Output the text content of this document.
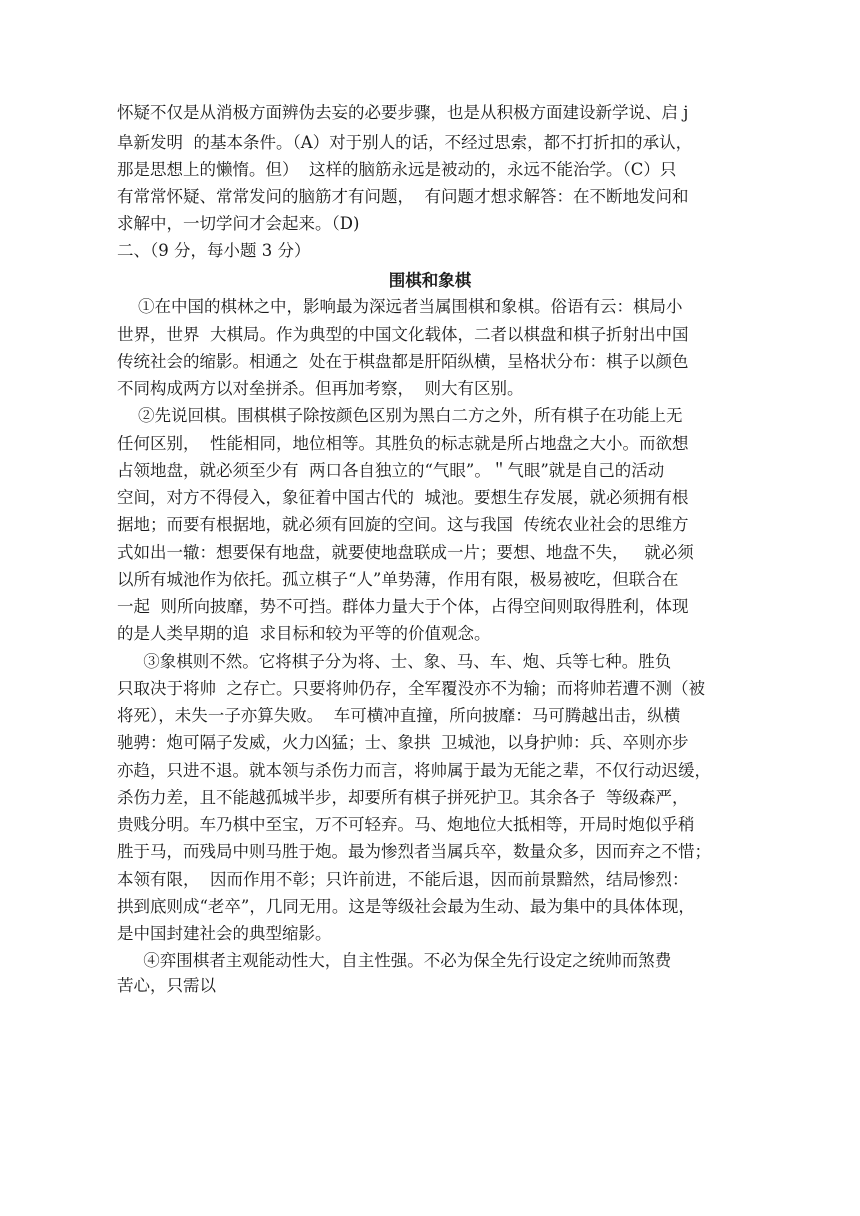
怀疑不仅是从消极方面辨伪去妄的必要步骤，也是从积极方面建设新学说、启 j
阜新发明  的基本条件。（A）对于别人的话，不经过思索，都不打折扣的承认，
那是思想上的懒惰。但）  这样的脑筋永远是被动的，永远不能治学。（C）只
有常常怀疑、常常发问的脑筋才有问题，  有问题才想求解答：在不断地发问和
求解中，一切学问才会起来。（D)
二、（9 分，每小题 3 分）
围棋和象棋
①在中国的棋林之中，影响最为深远者当属围棋和象棋。俗语有云：棋局小
世界，世界  大棋局。作为典型的中国文化载体，二者以棋盘和棋子折射出中国
传统社会的缩影。相通之  处在于棋盘都是肝陌纵横，呈格状分布：棋子以颜色
不同构成两方以对垒拼杀。但再加考察，  则大有区别。
➁先说回棋。围棋棋子除按颜色区别为黑白二方之外，所有棋子在功能上无
任何区别，  性能相同，地位相等。其胜负的标志就是所占地盘之大小。而欲想
占领地盘，就必须至少有  两口各自独立的“气眼”。＂气眼”就是自己的活动
空间，对方不得侵入，象征着中国古代的  城池。要想生存发展，就必须拥有根
据地；而要有根据地，就必须有回旋的空间。这与我国  传统农业社会的思维方
式如出一辙：想要保有地盘，就要使地盘联成一片；要想、地盘不失，   就必须
以所有城池作为依托。孤立棋子“人”单势薄，作用有限，极易被吃，但联合在
一起  则所向披靡，势不可挡。群体力量大于个体，占得空间则取得胜利，体现
的是人类早期的追  求目标和较为平等的价值观念。
③象棋则不然。它将棋子分为将、士、象、马、车、炮、兵等七种。胜负
只取决于将帅  之存亡。只要将帅仍存，全军覆没亦不为输；而将帅若遭不测（被
将死），未失一子亦算失败。  车可横冲直撞，所向披靡：马可腾越出击，纵横
驰骋：炮可隔子发威，火力凶猛；士、象拱  卫城池，以身护帅：兵、卒则亦步
亦趋，只进不退。就本领与杀伤力而言，将帅属于最为无能之辈，不仅行动迟缓，
杀伤力差，且不能越孤城半步，却要所有棋子拼死护卫。其余各子  等级森严，
贵贱分明。车乃棋中至宝，万不可轻弃。马、炮地位大抵相等，开局时炮似乎稍
胜于马，而残局中则马胜于炮。最为惨烈者当属兵卒，数量众多，因而弃之不惜；
本领有限，  因而作用不彰；只许前进，不能后退，因而前景黯然，结局惨烈：
拱到底则成“老卒”，几同无用。这是等级社会最为生动、最为集中的具体体现，
是中国封建社会的典型缩影。
④弈围棋者主观能动性大，自主性强。不必为保全先行设定之统帅而煞费
苦心，只需以
